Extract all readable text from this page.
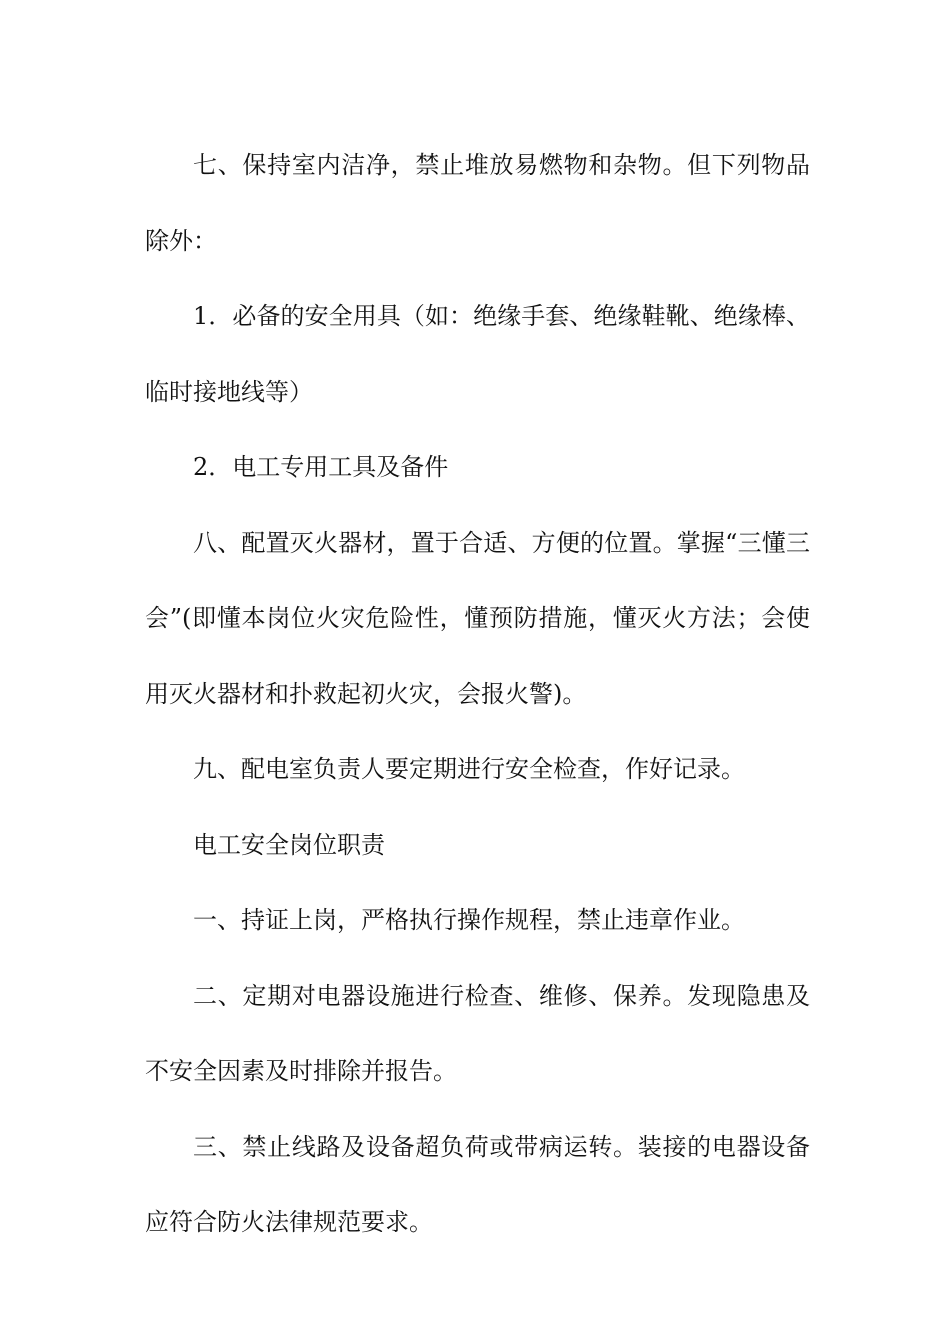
七、保持室内洁净，禁止堆放易燃物和杂物。但下列物品除外：

1．必备的安全用具（如：绝缘手套、绝缘鞋靴、绝缘棒、临时接地线等）

2．电工专用工具及备件

八、配置灭火器材，置于合适、方便的位置。掌握“三懂三会”(即懂本岗位火灾危险性，懂预防措施，懂灭火方法；会使用灭火器材和扑救起初火灾，会报火警)。

九、配电室负责人要定期进行安全检查，作好记录。

电工安全岗位职责

一、持证上岗，严格执行操作规程，禁止违章作业。

二、定期对电器设施进行检查、维修、保养。发现隐患及不安全因素及时排除并报告。

三、禁止线路及设备超负荷或带病运转。装接的电器设备应符合防火法律规范要求。
